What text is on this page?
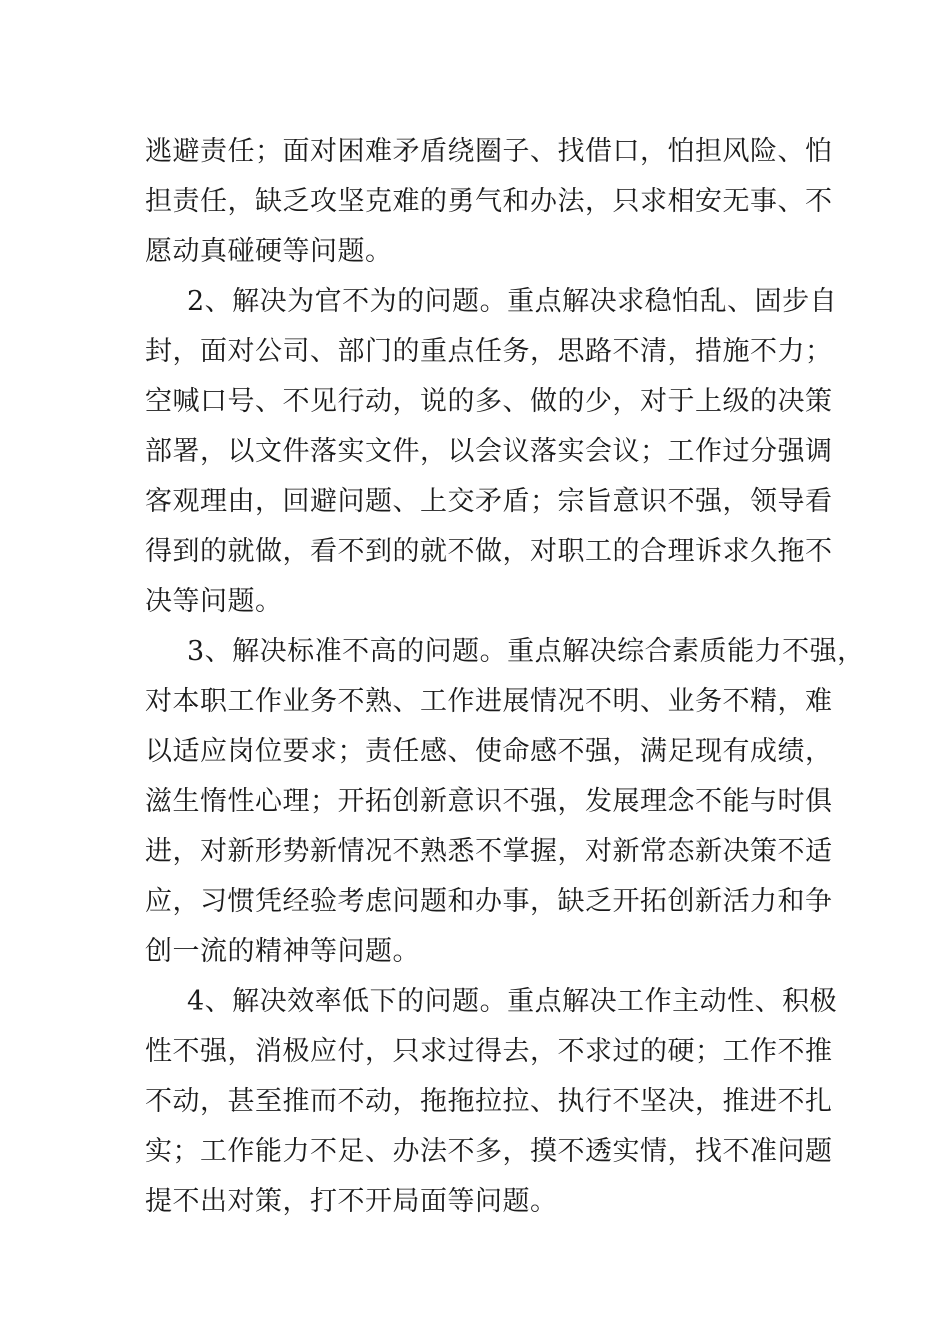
逃避责任；面对困难矛盾绕圈子、找借口，怕担风险、怕
担责任，缺乏攻坚克难的勇气和办法，只求相安无事、不
愿动真碰硬等问题。
2、解决为官不为的问题。重点解决求稳怕乱、固步自
封，面对公司、部门的重点任务，思路不清，措施不力；
空喊口号、不见行动，说的多、做的少，对于上级的决策
部署，以文件落实文件，以会议落实会议；工作过分强调
客观理由，回避问题、上交矛盾；宗旨意识不强，领导看
得到的就做，看不到的就不做，对职工的合理诉求久拖不
决等问题。
3、解决标准不高的问题。重点解决综合素质能力不强，
对本职工作业务不熟、工作进展情况不明、业务不精，难
以适应岗位要求；责任感、使命感不强，满足现有成绩，
滋生惰性心理；开拓创新意识不强，发展理念不能与时俱
进，对新形势新情况不熟悉不掌握，对新常态新决策不适
应，习惯凭经验考虑问题和办事，缺乏开拓创新活力和争
创一流的精神等问题。
4、解决效率低下的问题。重点解决工作主动性、积极
性不强，消极应付，只求过得去，不求过的硬；工作不推
不动，甚至推而不动，拖拖拉拉、执行不坚决，推进不扎
实；工作能力不足、办法不多，摸不透实情，找不准问题
提不出对策，打不开局面等问题。
